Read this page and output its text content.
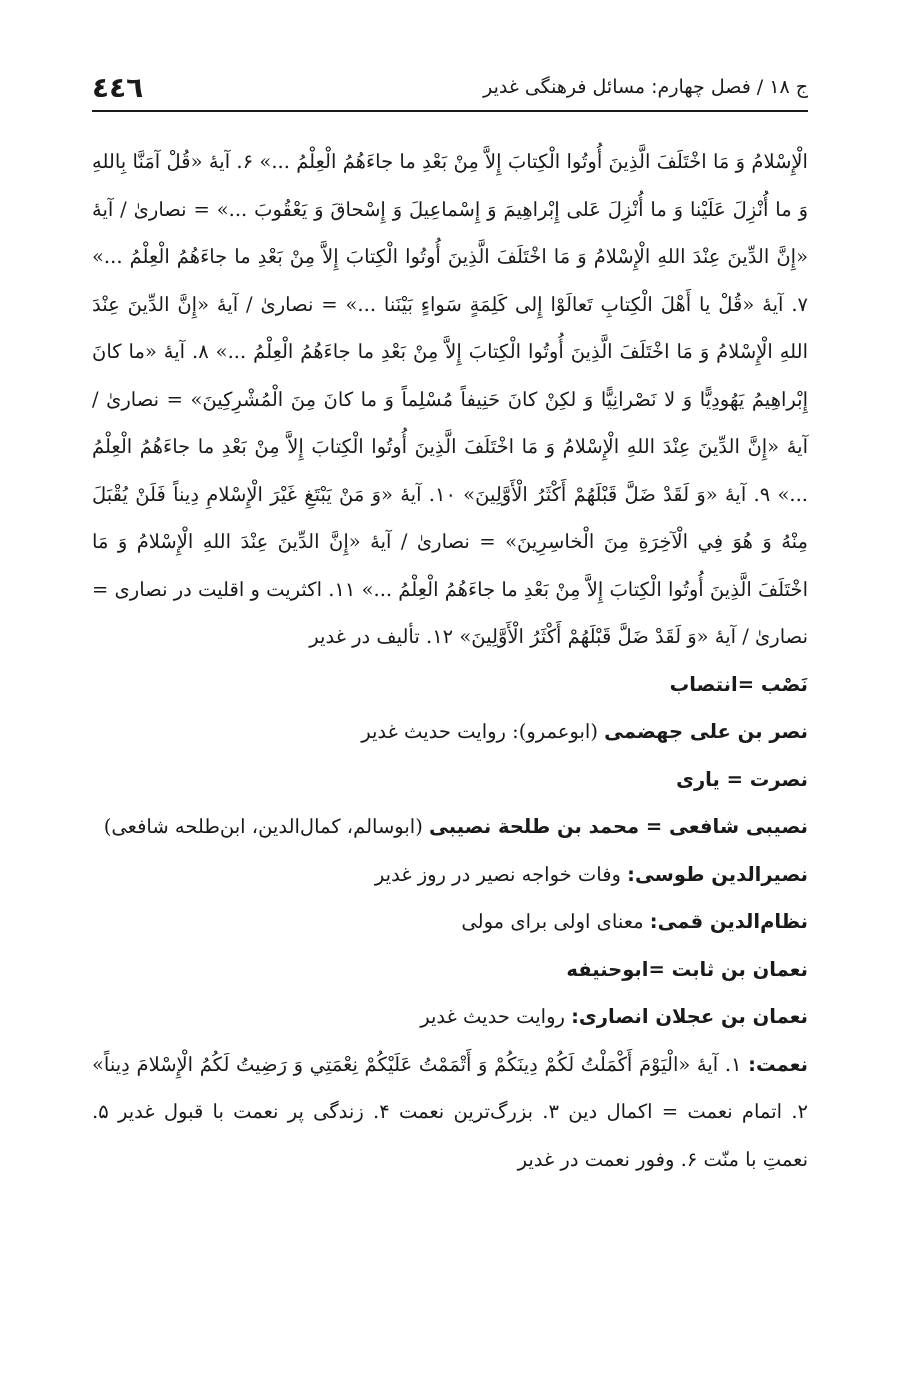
٤٤٦	ج ۱۸ / فصل چهارم: مسائل فرهنگی غدیر

الْإِسْلامُ وَ مَا اخْتَلَفَ الَّذِينَ أُوتُوا الْكِتابَ إِلاَّ مِنْ بَعْدِ ما جاءَهُمُ الْعِلْمُ ...» ۶. آیهٔ «قُلْ آمَنَّا بِاللهِ وَ ما أُنْزِلَ عَلَيْنا وَ ما أُنْزِلَ عَلى إِبْراهِيمَ وَ إِسْماعِيلَ وَ إِسْحاقَ وَ يَعْقُوبَ ...» = نصاریٰ / آیهٔ «إِنَّ الدِّينَ عِنْدَ اللهِ الْإِسْلامُ وَ مَا اخْتَلَفَ الَّذِينَ أُوتُوا الْكِتابَ إِلاَّ مِنْ بَعْدِ ما جاءَهُمُ الْعِلْمُ ...» ۷. آیهٔ «قُلْ يا أَهْلَ الْكِتابِ تَعالَوْا إِلى كَلِمَةٍ سَواءٍ بَيْنَنا ...» = نصاریٰ / آیهٔ «إِنَّ الدِّينَ عِنْدَ اللهِ الْإِسْلامُ وَ مَا اخْتَلَفَ الَّذِينَ أُوتُوا الْكِتابَ إِلاَّ مِنْ بَعْدِ ما جاءَهُمُ الْعِلْمُ ...» ۸. آیهٔ «ما كانَ إِبْراهِيمُ يَهُودِيًّا وَ لا نَصْرانِيًّا وَ لكِنْ كانَ حَنِيفاً مُسْلِماً وَ ما كانَ مِنَ الْمُشْرِكِينَ» = نصاریٰ / آیهٔ «إِنَّ الدِّينَ عِنْدَ اللهِ الْإِسْلامُ وَ مَا اخْتَلَفَ الَّذِينَ أُوتُوا الْكِتابَ إِلاَّ مِنْ بَعْدِ ما جاءَهُمُ الْعِلْمُ ...» ۹. آیهٔ «وَ لَقَدْ ضَلَّ قَبْلَهُمْ أَكْثَرُ الْأَوَّلِينَ» ۱۰. آیهٔ «وَ مَنْ يَبْتَغِ غَيْرَ الْإِسْلامِ دِيناً فَلَنْ يُقْبَلَ مِنْهُ وَ هُوَ فِي الْآخِرَةِ مِنَ الْخاسِرِينَ» = نصاریٰ / آیهٔ «إِنَّ الدِّينَ عِنْدَ اللهِ الْإِسْلامُ وَ مَا اخْتَلَفَ الَّذِينَ أُوتُوا الْكِتابَ إِلاَّ مِنْ بَعْدِ ما جاءَهُمُ الْعِلْمُ ...» ۱۱. اکثریت و اقلیت در نصاری = نصاریٰ / آیهٔ «وَ لَقَدْ ضَلَّ قَبْلَهُمْ أَكْثَرُ الْأَوَّلِينَ» ۱۲. تألیف در غدیر

نَصْب =انتصاب

نصر بن علی جهضمی (ابوعمرو): روایت حدیث غدیر

نصرت = یاری

نصیبی شافعی = محمد بن طلحة نصیبی (ابوسالم، کمال‌الدین، ابن‌طلحه شافعی)

نصیرالدین طوسی: وفات خواجه نصیر در روز غدیر

نظام‌الدین قمی: معنای اولی برای مولی

نعمان بن ثابت =ابوحنیفه

نعمان بن عجلان انصاری: روایت حدیث غدیر

نعمت: ۱. آیهٔ «الْيَوْمَ أَكْمَلْتُ لَكُمْ دِينَكُمْ وَ أَتْمَمْتُ عَلَيْكُمْ نِعْمَتِي وَ رَضِيتُ لَكُمُ الْإِسْلامَ دِيناً» ۲. اتمام نعمت = اکمال دین ۳. بزرگ‌ترین نعمت ۴. زندگی پر نعمت با قبول غدیر ۵. نعمتِ با منّت ۶. وفور نعمت در غدیر
